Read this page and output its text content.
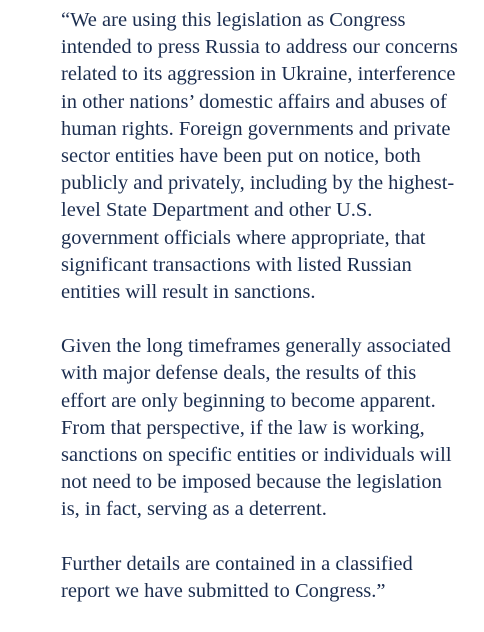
“We are using this legislation as Congress
intended to press Russia to address our concerns
related to its aggression in Ukraine, interference
in other nations’ domestic affairs and abuses of
human rights. Foreign governments and private
sector entities have been put on notice, both
publicly and privately, including by the highest-
level State Department and other U.S.
government officials where appropriate, that
significant transactions with listed Russian
entities will result in sanctions.

Given the long timeframes generally associated
with major defense deals, the results of this
effort are only beginning to become apparent.
From that perspective, if the law is working,
sanctions on specific entities or individuals will
not need to be imposed because the legislation
is, in fact, serving as a deterrent.

Further details are contained in a classified
report we have submitted to Congress.”
